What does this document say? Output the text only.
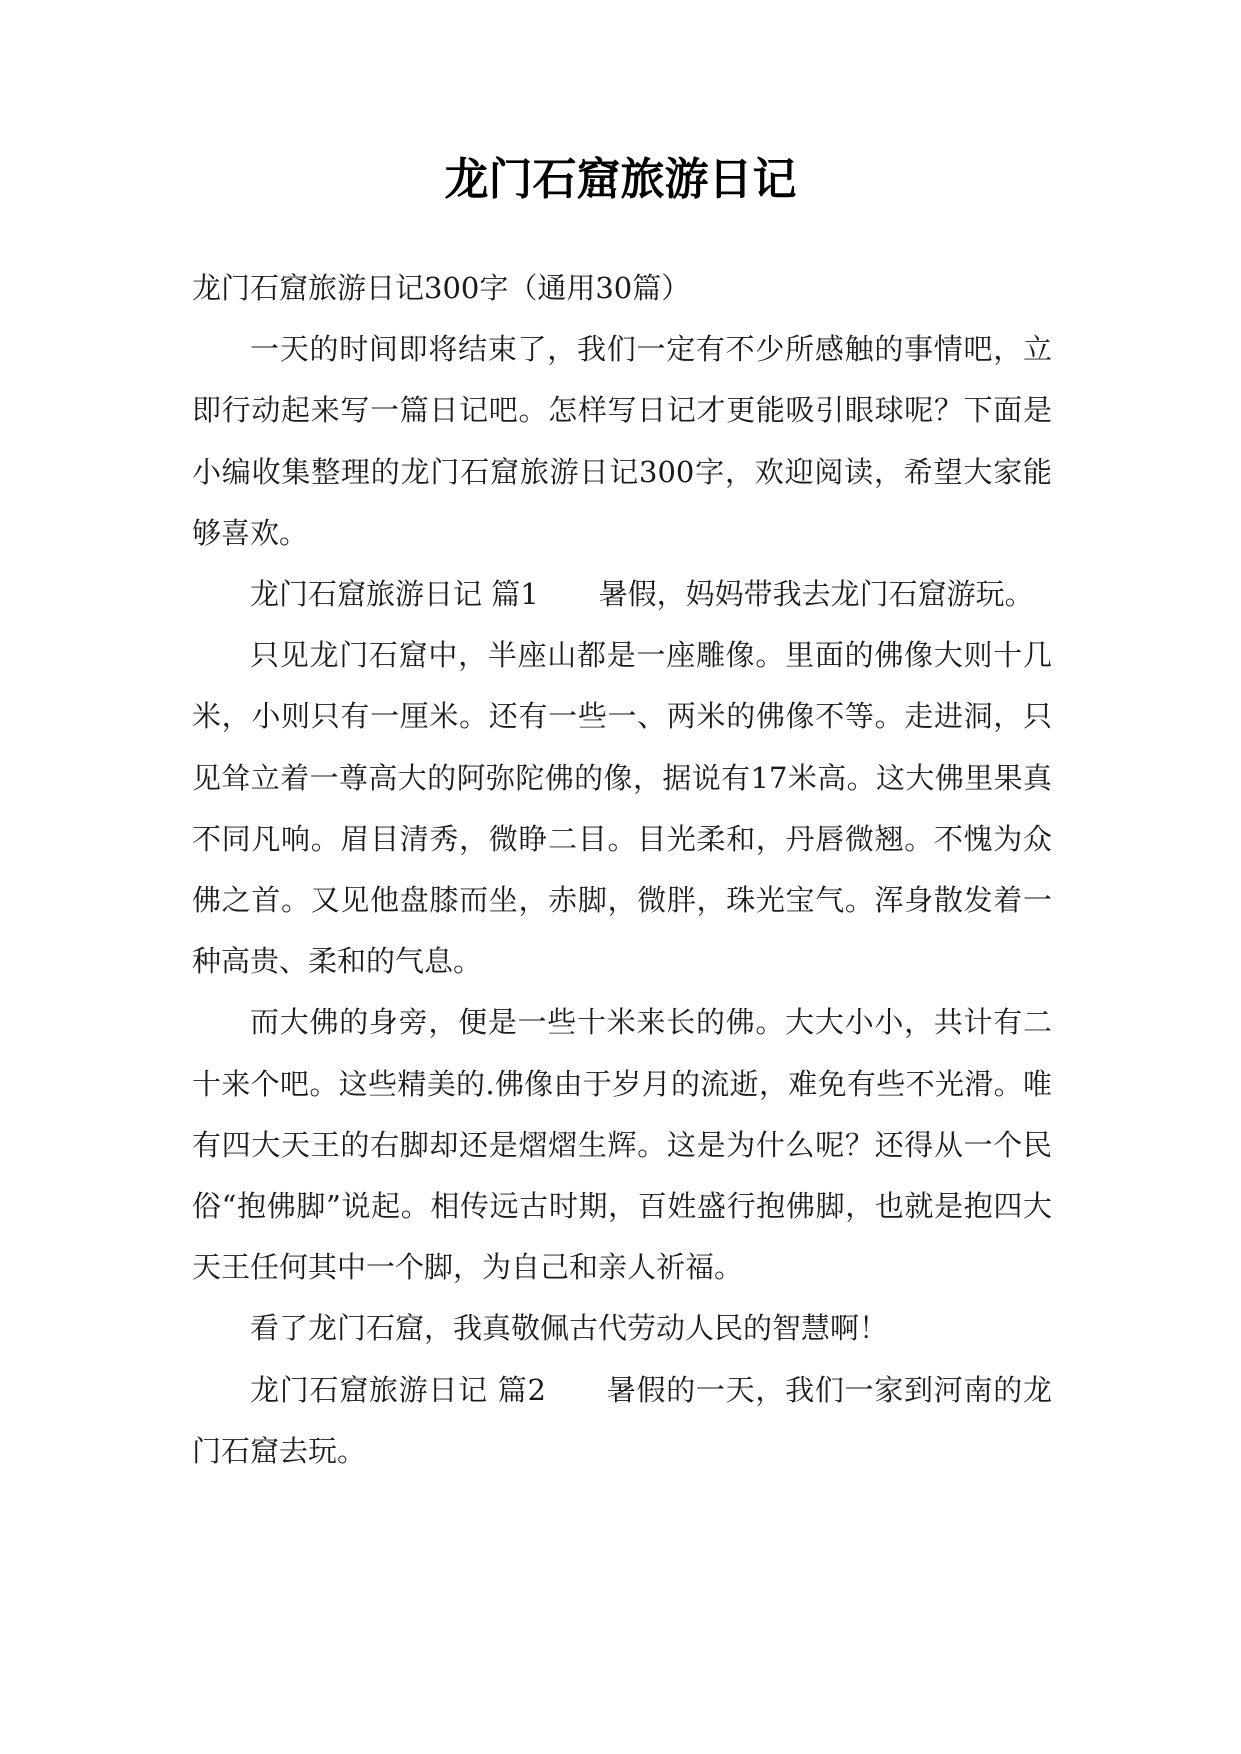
龙门石窟旅游日记

龙门石窟旅游日记300字（通用30篇）

一天的时间即将结束了，我们一定有不少所感触的事情吧，立即行动起来写一篇日记吧。怎样写日记才更能吸引眼球呢？下面是小编收集整理的龙门石窟旅游日记300字，欢迎阅读，希望大家能够喜欢。

龙门石窟旅游日记 篇1 暑假，妈妈带我去龙门石窟游玩。

只见龙门石窟中，半座山都是一座雕像。里面的佛像大则十几米，小则只有一厘米。还有一些一、两米的佛像不等。走进洞，只见耸立着一尊高大的阿弥陀佛的像，据说有17米高。这大佛里果真不同凡响。眉目清秀，微睁二目。目光柔和，丹唇微翘。不愧为众佛之首。又见他盘膝而坐，赤脚，微胖，珠光宝气。浑身散发着一种高贵、柔和的气息。

而大佛的身旁，便是一些十米来长的佛。大大小小，共计有二十来个吧。这些精美的.佛像由于岁月的流逝，难免有些不光滑。唯有四大天王的右脚却还是熠熠生辉。这是为什么呢？还得从一个民俗“抱佛脚”说起。相传远古时期，百姓盛行抱佛脚，也就是抱四大天王任何其中一个脚，为自己和亲人祈福。

看了龙门石窟，我真敬佩古代劳动人民的智慧啊！

龙门石窟旅游日记 篇2 暑假的一天，我们一家到河南的龙门石窟去玩。
